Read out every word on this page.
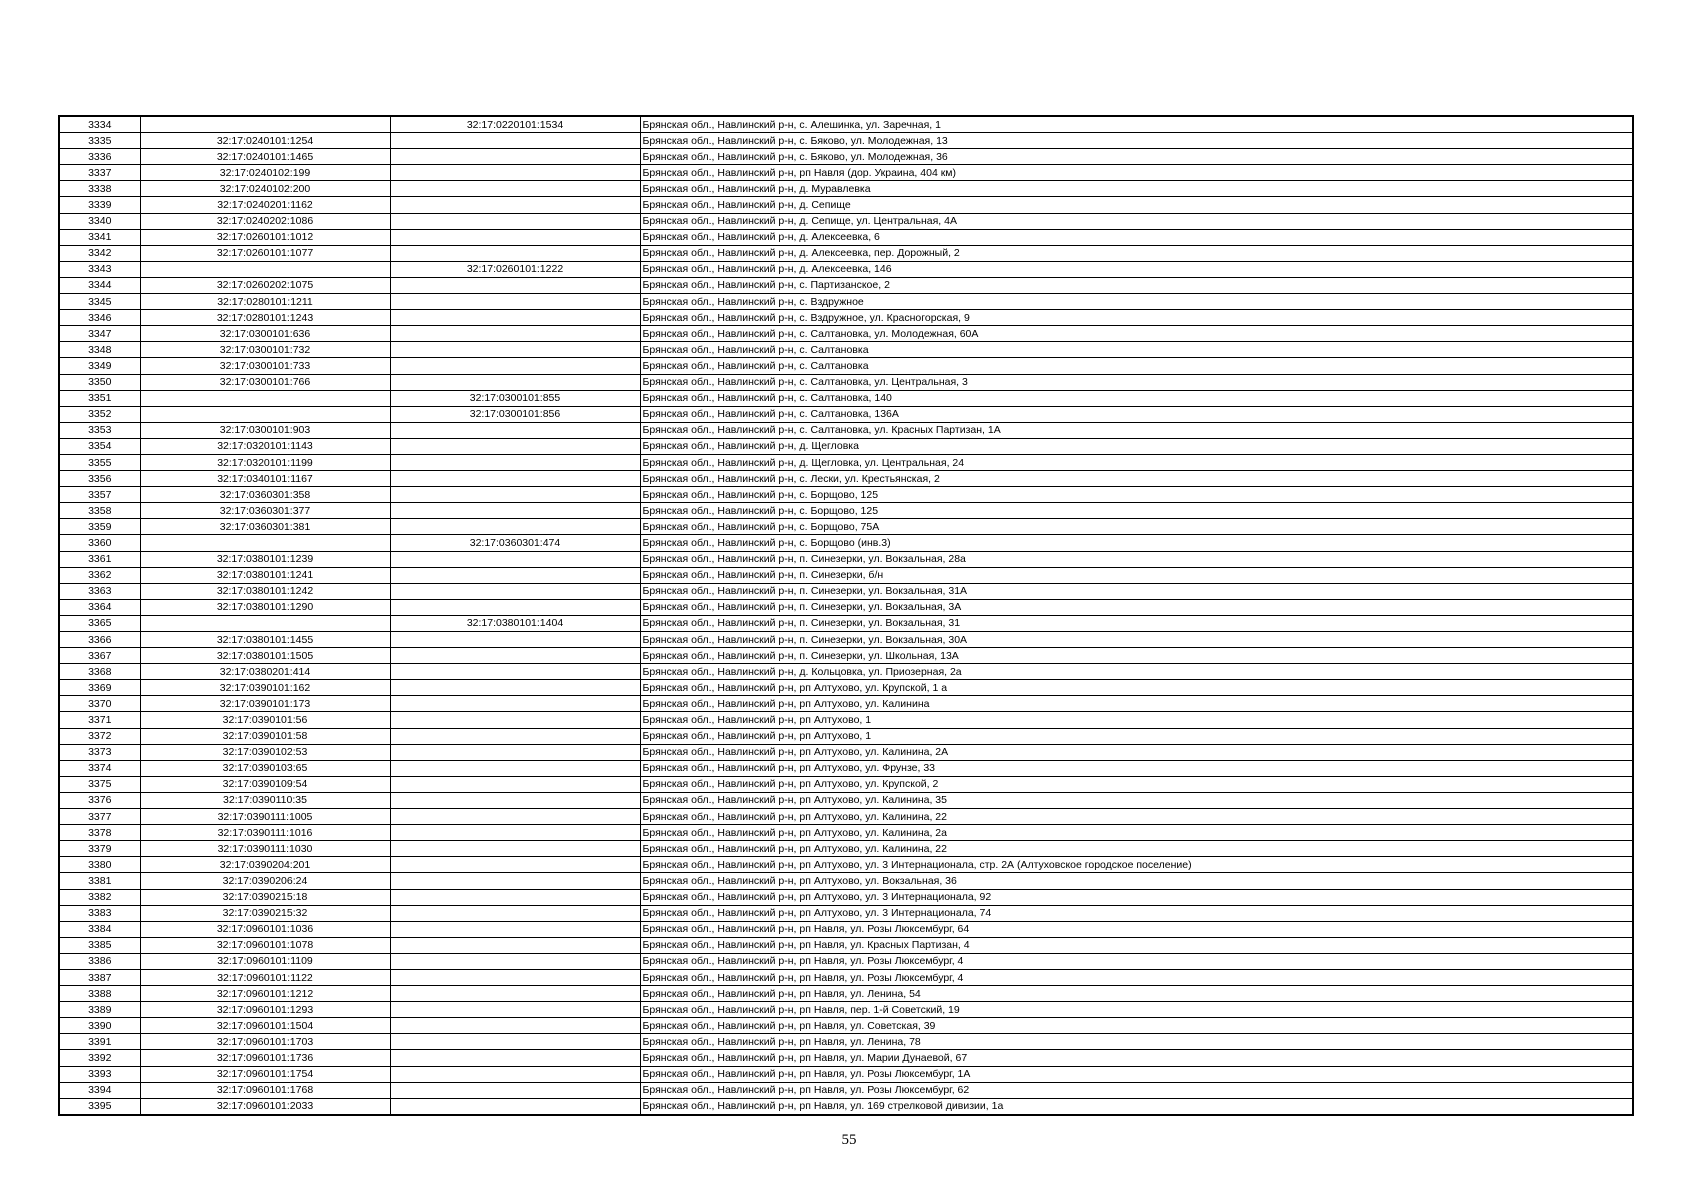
3334		32:17:0220101:1534	Брянская обл., Навлинский р-н, с. Алешинка, ул. Заречная, 1
3335	32:17:0240101:1254		Брянская обл., Навлинский р-н, с. Бяково, ул. Молодежная, 13
3336	32:17:0240101:1465		Брянская обл., Навлинский р-н, с. Бяково, ул. Молодежная, 36
3337	32:17:0240102:199		Брянская обл., Навлинский р-н, рп Навля (дор. Украина, 404 км)
3338	32:17:0240102:200		Брянская обл., Навлинский р-н, д. Муравлевка
3339	32:17:0240201:1162		Брянская обл., Навлинский р-н, д. Сепище
3340	32:17:0240202:1086		Брянская обл., Навлинский р-н, д. Сепище, ул. Центральная, 4А
3341	32:17:0260101:1012		Брянская обл., Навлинский р-н, д. Алексеевка, 6
3342	32:17:0260101:1077		Брянская обл., Навлинский р-н, д. Алексеевка, пер. Дорожный, 2
3343		32:17:0260101:1222	Брянская обл., Навлинский р-н, д. Алексеевка, 146
3344	32:17:0260202:1075		Брянская обл., Навлинский р-н, с. Партизанское, 2
3345	32:17:0280101:1211		Брянская обл., Навлинский р-н, с. Вздружное
3346	32:17:0280101:1243		Брянская обл., Навлинский р-н, с. Вздружное, ул. Красногорская, 9
3347	32:17:0300101:636		Брянская обл., Навлинский р-н, с. Салтановка, ул. Молодежная, 60А
3348	32:17:0300101:732		Брянская обл., Навлинский р-н, с. Салтановка
3349	32:17:0300101:733		Брянская обл., Навлинский р-н, с. Салтановка
3350	32:17:0300101:766		Брянская обл., Навлинский р-н, с. Салтановка, ул. Центральная, 3
3351		32:17:0300101:855	Брянская обл., Навлинский р-н, с. Салтановка, 140
3352		32:17:0300101:856	Брянская обл., Навлинский р-н, с. Салтановка, 136А
3353	32:17:0300101:903		Брянская обл., Навлинский р-н, с. Салтановка, ул. Красных Партизан, 1А
3354	32:17:0320101:1143		Брянская обл., Навлинский р-н, д. Щегловка
3355	32:17:0320101:1199		Брянская обл., Навлинский р-н, д. Щегловка, ул. Центральная, 24
3356	32:17:0340101:1167		Брянская обл., Навлинский р-н, с. Лески, ул. Крестьянская, 2
3357	32:17:0360301:358		Брянская обл., Навлинский р-н, с. Борщово, 125
3358	32:17:0360301:377		Брянская обл., Навлинский р-н, с. Борщово, 125
3359	32:17:0360301:381		Брянская обл., Навлинский р-н, с. Борщово, 75А
3360		32:17:0360301:474	Брянская обл., Навлинский р-н, с. Борщово (инв.3)
3361	32:17:0380101:1239		Брянская обл., Навлинский р-н, п. Синезерки, ул. Вокзальная, 28а
3362	32:17:0380101:1241		Брянская обл., Навлинский р-н, п. Синезерки, б/н
3363	32:17:0380101:1242		Брянская обл., Навлинский р-н, п. Синезерки, ул. Вокзальная, 31А
3364	32:17:0380101:1290		Брянская обл., Навлинский р-н, п. Синезерки, ул. Вокзальная, 3А
3365		32:17:0380101:1404	Брянская обл., Навлинский р-н, п. Синезерки, ул. Вокзальная, 31
3366	32:17:0380101:1455		Брянская обл., Навлинский р-н, п. Синезерки, ул. Вокзальная, 30А
3367	32:17:0380101:1505		Брянская обл., Навлинский р-н, п. Синезерки, ул. Школьная, 13А
3368	32:17:0380201:414		Брянская обл., Навлинский р-н, д. Кольцовка, ул. Приозерная, 2а
3369	32:17:0390101:162		Брянская обл., Навлинский р-н, рп Алтухово, ул. Крупской, 1 а
3370	32:17:0390101:173		Брянская обл., Навлинский р-н, рп Алтухово, ул. Калинина
3371	32:17:0390101:56		Брянская обл., Навлинский р-н, рп Алтухово, 1
3372	32:17:0390101:58		Брянская обл., Навлинский р-н, рп Алтухово, 1
3373	32:17:0390102:53		Брянская обл., Навлинский р-н, рп Алтухово, ул. Калинина, 2А
3374	32:17:0390103:65		Брянская обл., Навлинский р-н, рп Алтухово, ул. Фрунзе, 33
3375	32:17:0390109:54		Брянская обл., Навлинский р-н, рп Алтухово, ул. Крупской, 2
3376	32:17:0390110:35		Брянская обл., Навлинский р-н, рп Алтухово, ул. Калинина, 35
3377	32:17:0390111:1005		Брянская обл., Навлинский р-н, рп Алтухово, ул. Калинина, 22
3378	32:17:0390111:1016		Брянская обл., Навлинский р-н, рп Алтухово, ул. Калинина, 2а
3379	32:17:0390111:1030		Брянская обл., Навлинский р-н, рп Алтухово, ул. Калинина, 22
3380	32:17:0390204:201		Брянская обл., Навлинский р-н, рп Алтухово, ул. 3 Интернационала, стр. 2А (Алтуховское городское поселение)
3381	32:17:0390206:24		Брянская обл., Навлинский р-н, рп Алтухово, ул. Вокзальная, 36
3382	32:17:0390215:18		Брянская обл., Навлинский р-н, рп Алтухово, ул. 3 Интернационала, 92
3383	32:17:0390215:32		Брянская обл., Навлинский р-н, рп Алтухово, ул. 3 Интернационала, 74
3384	32:17:0960101:1036		Брянская обл., Навлинский р-н, рп Навля, ул. Розы Люксембург, 64
3385	32:17:0960101:1078		Брянская обл., Навлинский р-н, рп Навля, ул. Красных Партизан, 4
3386	32:17:0960101:1109		Брянская обл., Навлинский р-н, рп Навля, ул. Розы Люксембург, 4
3387	32:17:0960101:1122		Брянская обл., Навлинский р-н, рп Навля, ул. Розы Люксембург, 4
3388	32:17:0960101:1212		Брянская обл., Навлинский р-н, рп Навля, ул. Ленина, 54
3389	32:17:0960101:1293		Брянская обл., Навлинский р-н, рп Навля, пер. 1-й Советский, 19
3390	32:17:0960101:1504		Брянская обл., Навлинский р-н, рп Навля, ул. Советская, 39
3391	32:17:0960101:1703		Брянская обл., Навлинский р-н, рп Навля, ул. Ленина, 78
3392	32:17:0960101:1736		Брянская обл., Навлинский р-н, рп Навля, ул. Марии Дунаевой, 67
3393	32:17:0960101:1754		Брянская обл., Навлинский р-н, рп Навля, ул. Розы Люксембург, 1А
3394	32:17:0960101:1768		Брянская обл., Навлинский р-н, рп Навля, ул. Розы Люксембург, 62
3395	32:17:0960101:2033		Брянская обл., Навлинский р-н, рп Навля, ул. 169 стрелковой дивизии, 1а
55
